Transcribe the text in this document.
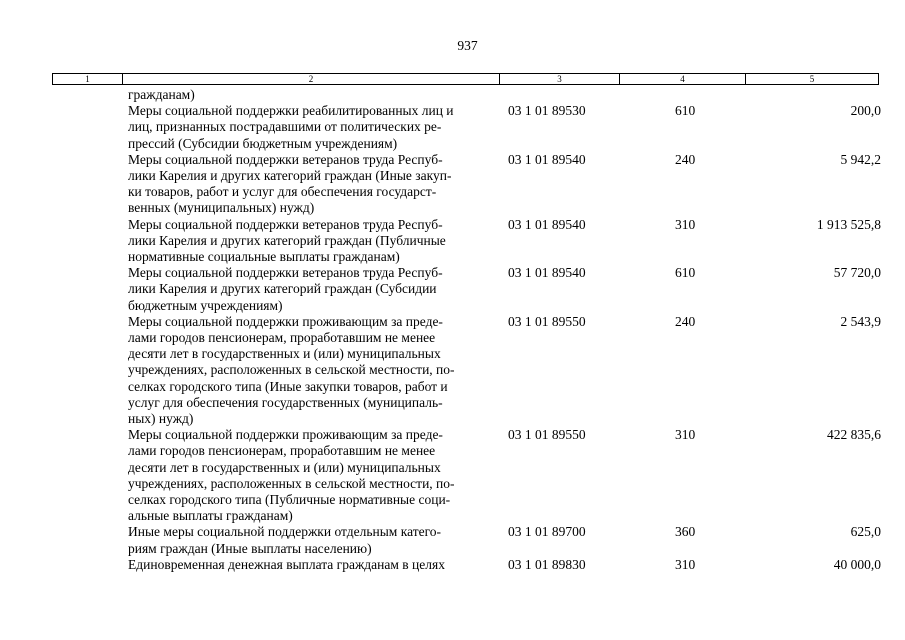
937
1	2	3	4	5
гражданам)
Меры социальной поддержки реабилитированных лиц и
лиц, признанных пострадавшими от политических ре-
прессий (Субсидии бюджетным учреждениям)
03 1 01 89530	610	200,0
Меры социальной поддержки ветеранов труда Респуб-
лики Карелия и других категорий граждан (Иные закуп-
ки товаров, работ и услуг для обеспечения государст-
венных (муниципальных) нужд)
03 1 01 89540	240	5 942,2
Меры социальной поддержки ветеранов труда Респуб-
лики Карелия и других категорий граждан (Публичные
нормативные социальные выплаты гражданам)
03 1 01 89540	310	1 913 525,8
Меры социальной поддержки ветеранов труда Респуб-
лики Карелия и других категорий граждан (Субсидии
бюджетным учреждениям)
03 1 01 89540	610	57 720,0
Меры социальной поддержки проживающим за преде-
лами городов пенсионерам, проработавшим не менее
десяти лет в государственных и (или) муниципальных
учреждениях, расположенных в сельской местности, по-
селках городского типа (Иные закупки товаров, работ и
услуг для обеспечения государственных (муниципаль-
ных) нужд)
03 1 01 89550	240	2 543,9
Меры социальной поддержки проживающим за преде-
лами городов пенсионерам, проработавшим не менее
десяти лет в государственных и (или) муниципальных
учреждениях, расположенных в сельской местности, по-
селках городского типа (Публичные нормативные соци-
альные выплаты гражданам)
03 1 01 89550	310	422 835,6
Иные меры социальной поддержки отдельным катего-
риям граждан (Иные выплаты населению)
03 1 01 89700	360	625,0
Единовременная денежная выплата гражданам в целях	03 1 01 89830	310	40 000,0
